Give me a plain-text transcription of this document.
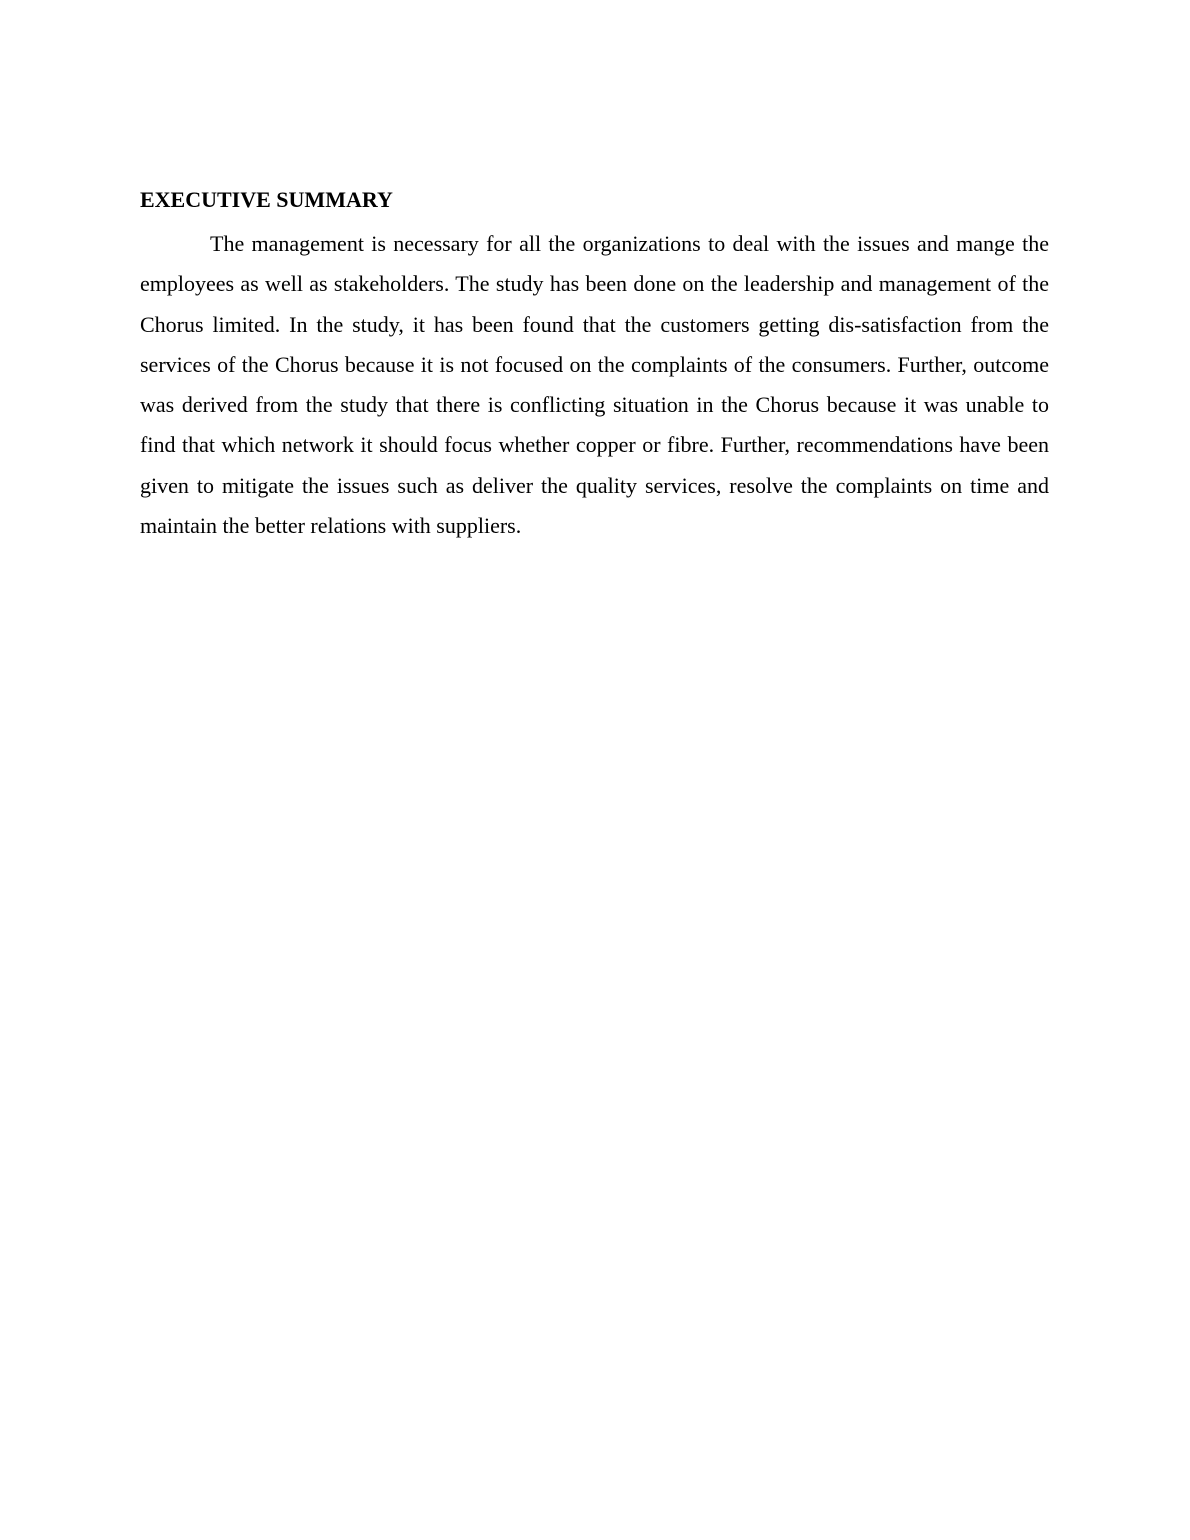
EXECUTIVE SUMMARY

The management is necessary for all the organizations to deal with the issues and mange the employees as well as stakeholders. The study has been done on the leadership and management of the Chorus limited. In the study, it has been found that the customers getting dis-satisfaction from the services of the Chorus because it is not focused on the complaints of the consumers. Further, outcome was derived from the study that there is conflicting situation in the Chorus because it was unable to find that which network it should focus whether copper or fibre. Further, recommendations have been given to mitigate the issues such as deliver the quality services, resolve the complaints on time and maintain the better relations with suppliers.
